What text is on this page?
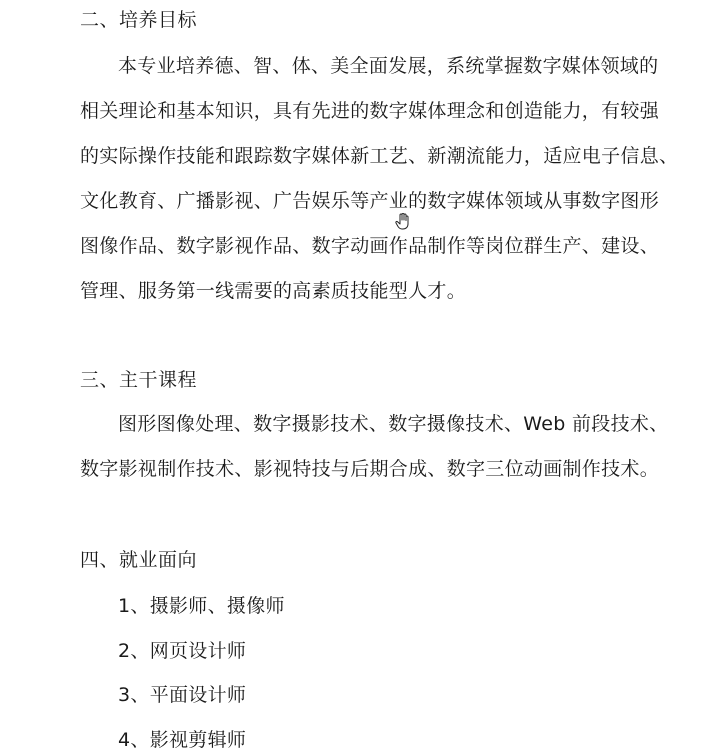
二、培养目标
本专业培养德、智、体、美全面发展，系统掌握数字媒体领域的
相关理论和基本知识，具有先进的数字媒体理念和创造能力，有较强
的实际操作技能和跟踪数字媒体新工艺、新潮流能力，适应电子信息、
文化教育、广播影视、广告娱乐等产业的数字媒体领域从事数字图形
图像作品、数字影视作品、数字动画作品制作等岗位群生产、建设、
管理、服务第一线需要的高素质技能型人才。
三、主干课程
图形图像处理、数字摄影技术、数字摄像技术、Web 前段技术、
数字影视制作技术、影视特技与后期合成、数字三位动画制作技术。
四、就业面向
1、摄影师、摄像师
2、网页设计师
3、平面设计师
4、影视剪辑师
